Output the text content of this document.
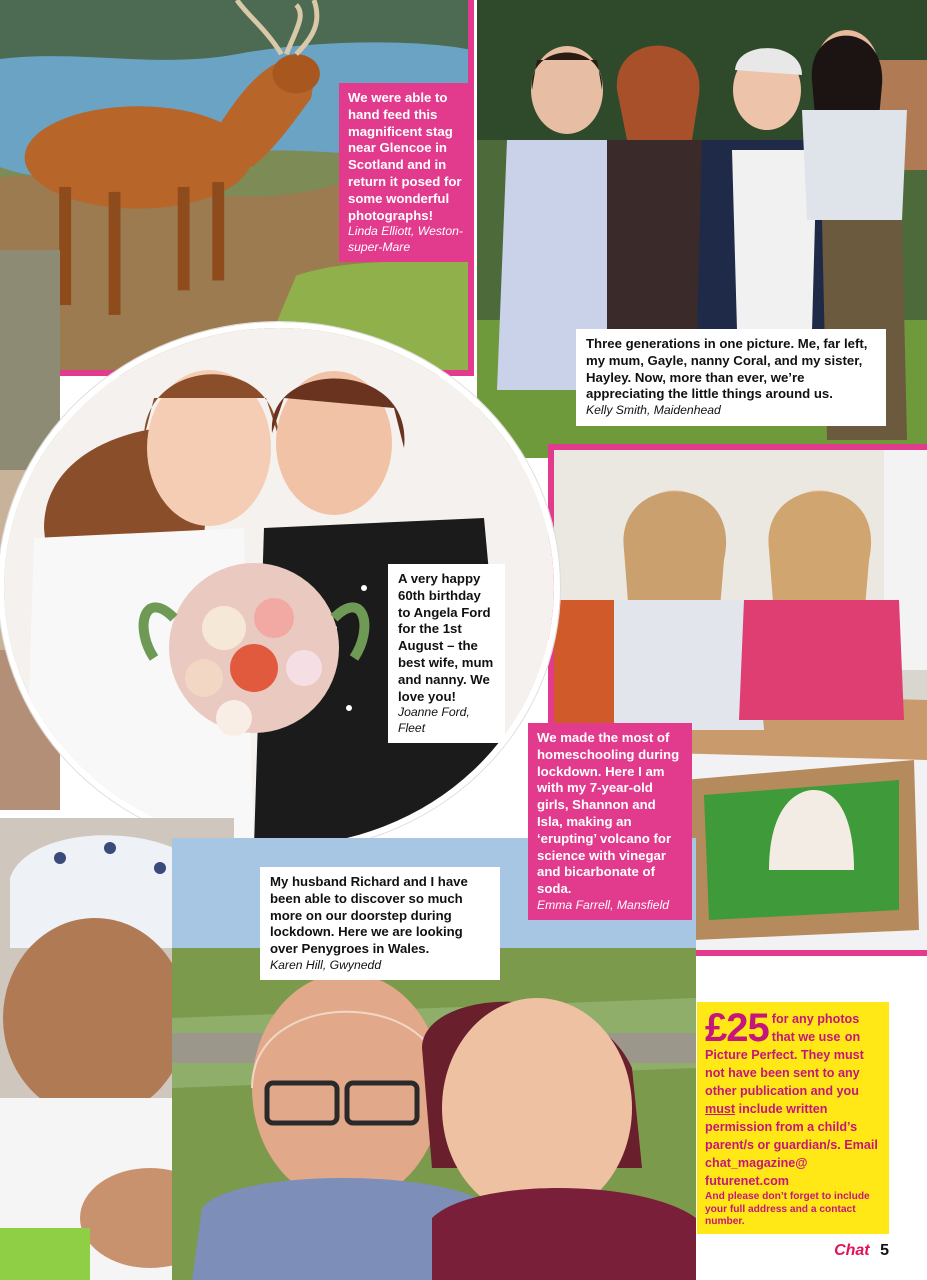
We were able to hand feed this magnificent stag near Glencoe in Scotland and in return it posed for some wonderful photographs!
Linda Elliott, Weston-super-Mare
Three generations in one picture. Me, far left, my mum, Gayle, nanny Coral, and my sister, Hayley. Now, more than ever, we’re appreciating the little things around us.
Kelly Smith, Maidenhead
A very happy 60th birthday to Angela Ford for the 1st August – the best wife, mum and nanny. We love you!
Joanne Ford, Fleet
We made the most of homeschooling during lockdown. Here I am with my 7-year-old girls, Shannon and Isla, making an ‘erupting’ volcano for science with vinegar and bicarbonate of soda.
Emma Farrell, Mansfield
My husband Richard and I have been able to discover so much more on our doorstep during lockdown. Here we are looking over Penygroes in Wales.
Karen Hill, Gwynedd
£25 for any photos that we use on Picture Perfect. They must not have been sent to any other publication and you must include written permission from a child’s parent/s or guardian/s. Email chat_magazine@ futurenet.com
And please don’t forget to include your full address and a contact number.
Chat 5
